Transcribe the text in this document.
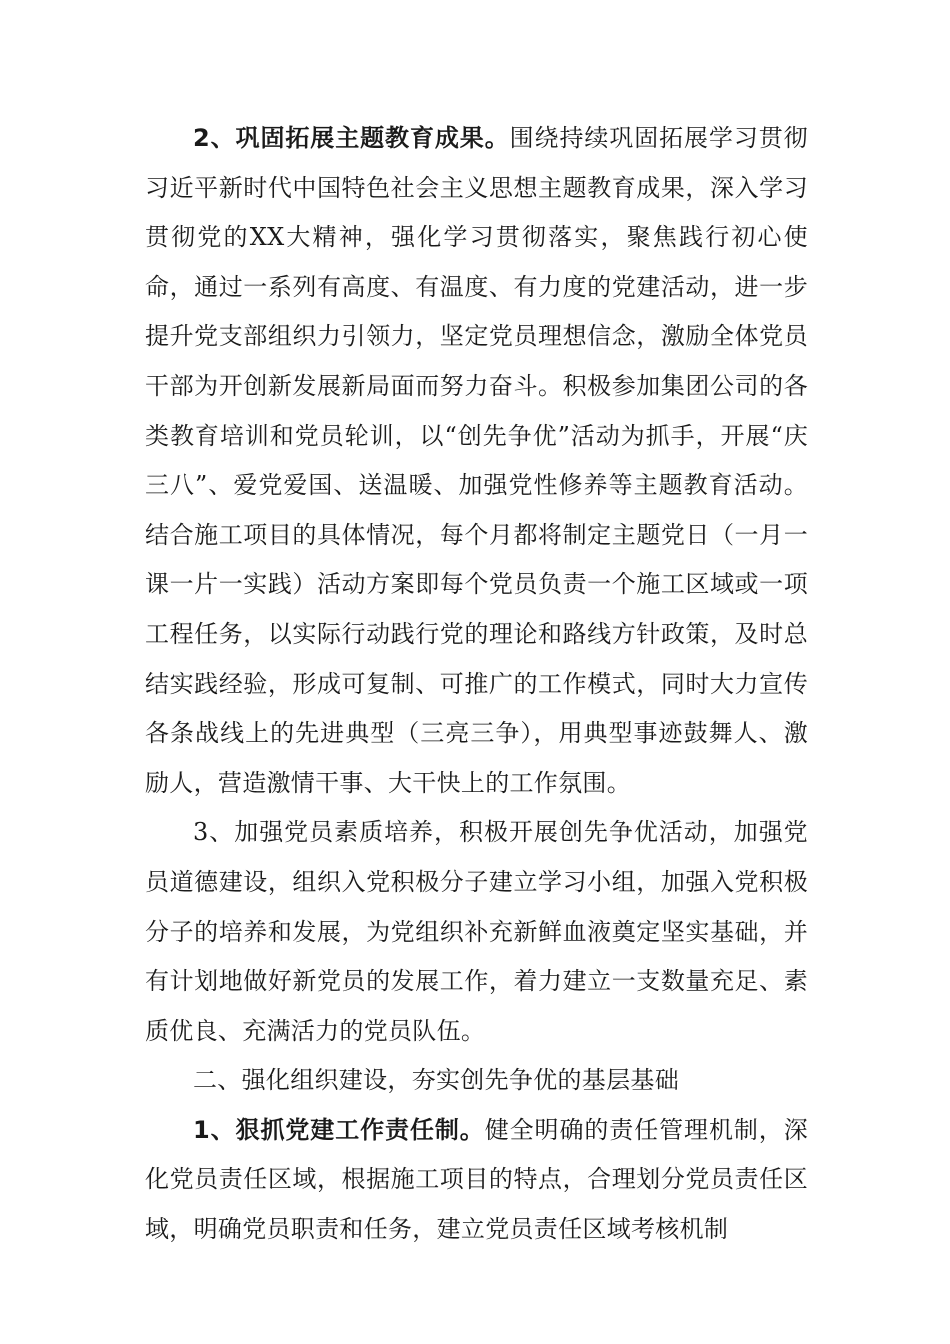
2、巩固拓展主题教育成果。围绕持续巩固拓展学习贯彻习近平新时代中国特色社会主义思想主题教育成果，深入学习贯彻党的XX大精神，强化学习贯彻落实，聚焦践行初心使命，通过一系列有高度、有温度、有力度的党建活动，进一步提升党支部组织力引领力，坚定党员理想信念，激励全体党员干部为开创新发展新局面而努力奋斗。积极参加集团公司的各类教育培训和党员轮训，以“创先争优”活动为抓手，开展“庆三八”、爱党爱国、送温暖、加强党性修养等主题教育活动。结合施工项目的具体情况，每个月都将制定主题党日（一月一课一片一实践）活动方案即每个党员负责一个施工区域或一项工程任务，以实际行动践行党的理论和路线方针政策，及时总结实践经验，形成可复制、可推广的工作模式，同时大力宣传各条战线上的先进典型（三亮三争），用典型事迹鼓舞人、激励人，营造激情干事、大干快上的工作氛围。

3、加强党员素质培养，积极开展创先争优活动，加强党员道德建设，组织入党积极分子建立学习小组，加强入党积极分子的培养和发展，为党组织补充新鲜血液奠定坚实基础，并有计划地做好新党员的发展工作，着力建立一支数量充足、素质优良、充满活力的党员队伍。

二、强化组织建设，夯实创先争优的基层基础

1、狠抓党建工作责任制。健全明确的责任管理机制，深化党员责任区域，根据施工项目的特点，合理划分党员责任区域，明确党员职责和任务，建立党员责任区域考核机制
